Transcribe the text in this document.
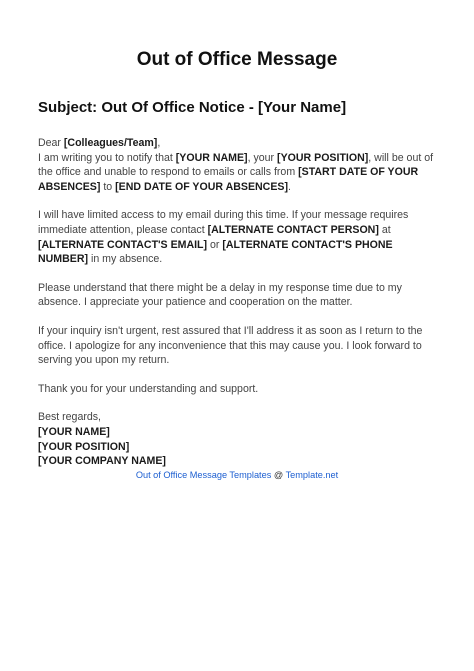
Out of Office Message
Subject: Out Of Office Notice - [Your Name]

Dear [Colleagues/Team],
I am writing you to notify that [YOUR NAME], your [YOUR POSITION], will be out of the office and unable to respond to emails or calls from [START DATE OF YOUR ABSENCES] to [END DATE OF YOUR ABSENCES].

I will have limited access to my email during this time. If your message requires immediate attention, please contact [ALTERNATE CONTACT PERSON] at [ALTERNATE CONTACT'S EMAIL] or [ALTERNATE CONTACT'S PHONE NUMBER] in my absence.

Please understand that there might be a delay in my response time due to my absence. I appreciate your patience and cooperation on the matter.

If your inquiry isn't urgent, rest assured that I'll address it as soon as I return to the office. I apologize for any inconvenience that this may cause you. I look forward to serving you upon my return.

Thank you for your understanding and support.

Best regards,
[YOUR NAME]
[YOUR POSITION]
[YOUR COMPANY NAME]

Out of Office Message Templates @ Template.net
